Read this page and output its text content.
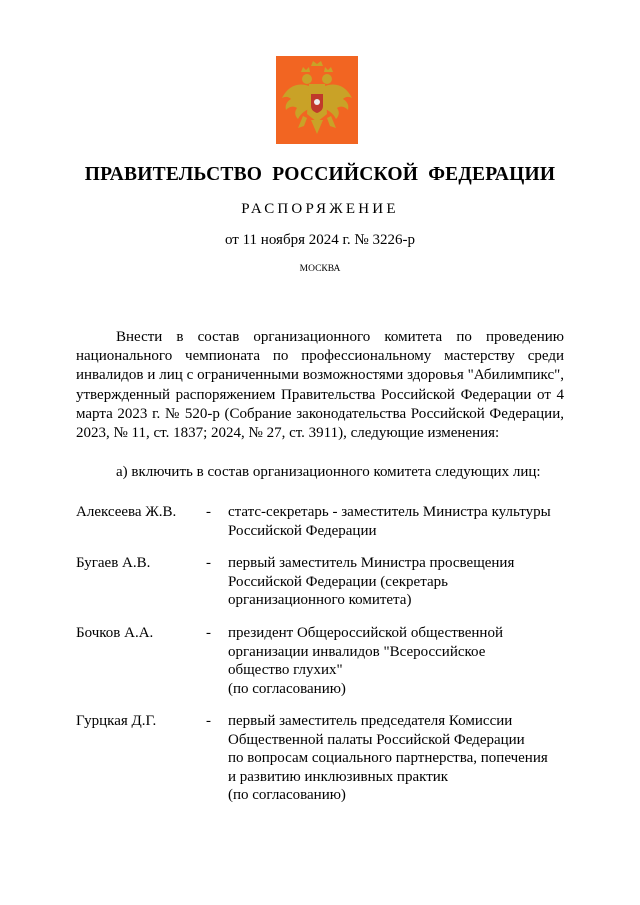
ПРАВИТЕЛЬСТВО  РОССИЙСКОЙ  ФЕДЕРАЦИИ

РАСПОРЯЖЕНИЕ

от 11 ноября 2024 г. № 3226-р

МОСКВА

Внести в состав организационного комитета по проведению национального чемпионата по профессиональному мастерству среди инвалидов и лиц с ограниченными возможностями здоровья "Абилимпикс", утвержденный распоряжением Правительства Российской Федерации от 4 марта 2023 г. № 520-р (Собрание законодательства Российской Федерации, 2023, № 11, ст. 1837; 2024, № 27, ст. 3911), следующие изменения:

а) включить в состав организационного комитета следующих лиц:

Алексеева Ж.В.	-	статс-секретарь - заместитель Министра культуры
Российской Федерации
Бугаев А.В.	-	первый заместитель Министра просвещения
Российской Федерации (секретарь
организационного комитета)
Бочков А.А.	-	президент Общероссийской общественной
организации инвалидов "Всероссийское
общество глухих"
(по согласованию)
Гурцкая Д.Г.	-	первый заместитель председателя Комиссии
Общественной палаты Российской Федерации
по вопросам социального партнерства, попечения
и развитию инклюзивных практик
(по согласованию)
